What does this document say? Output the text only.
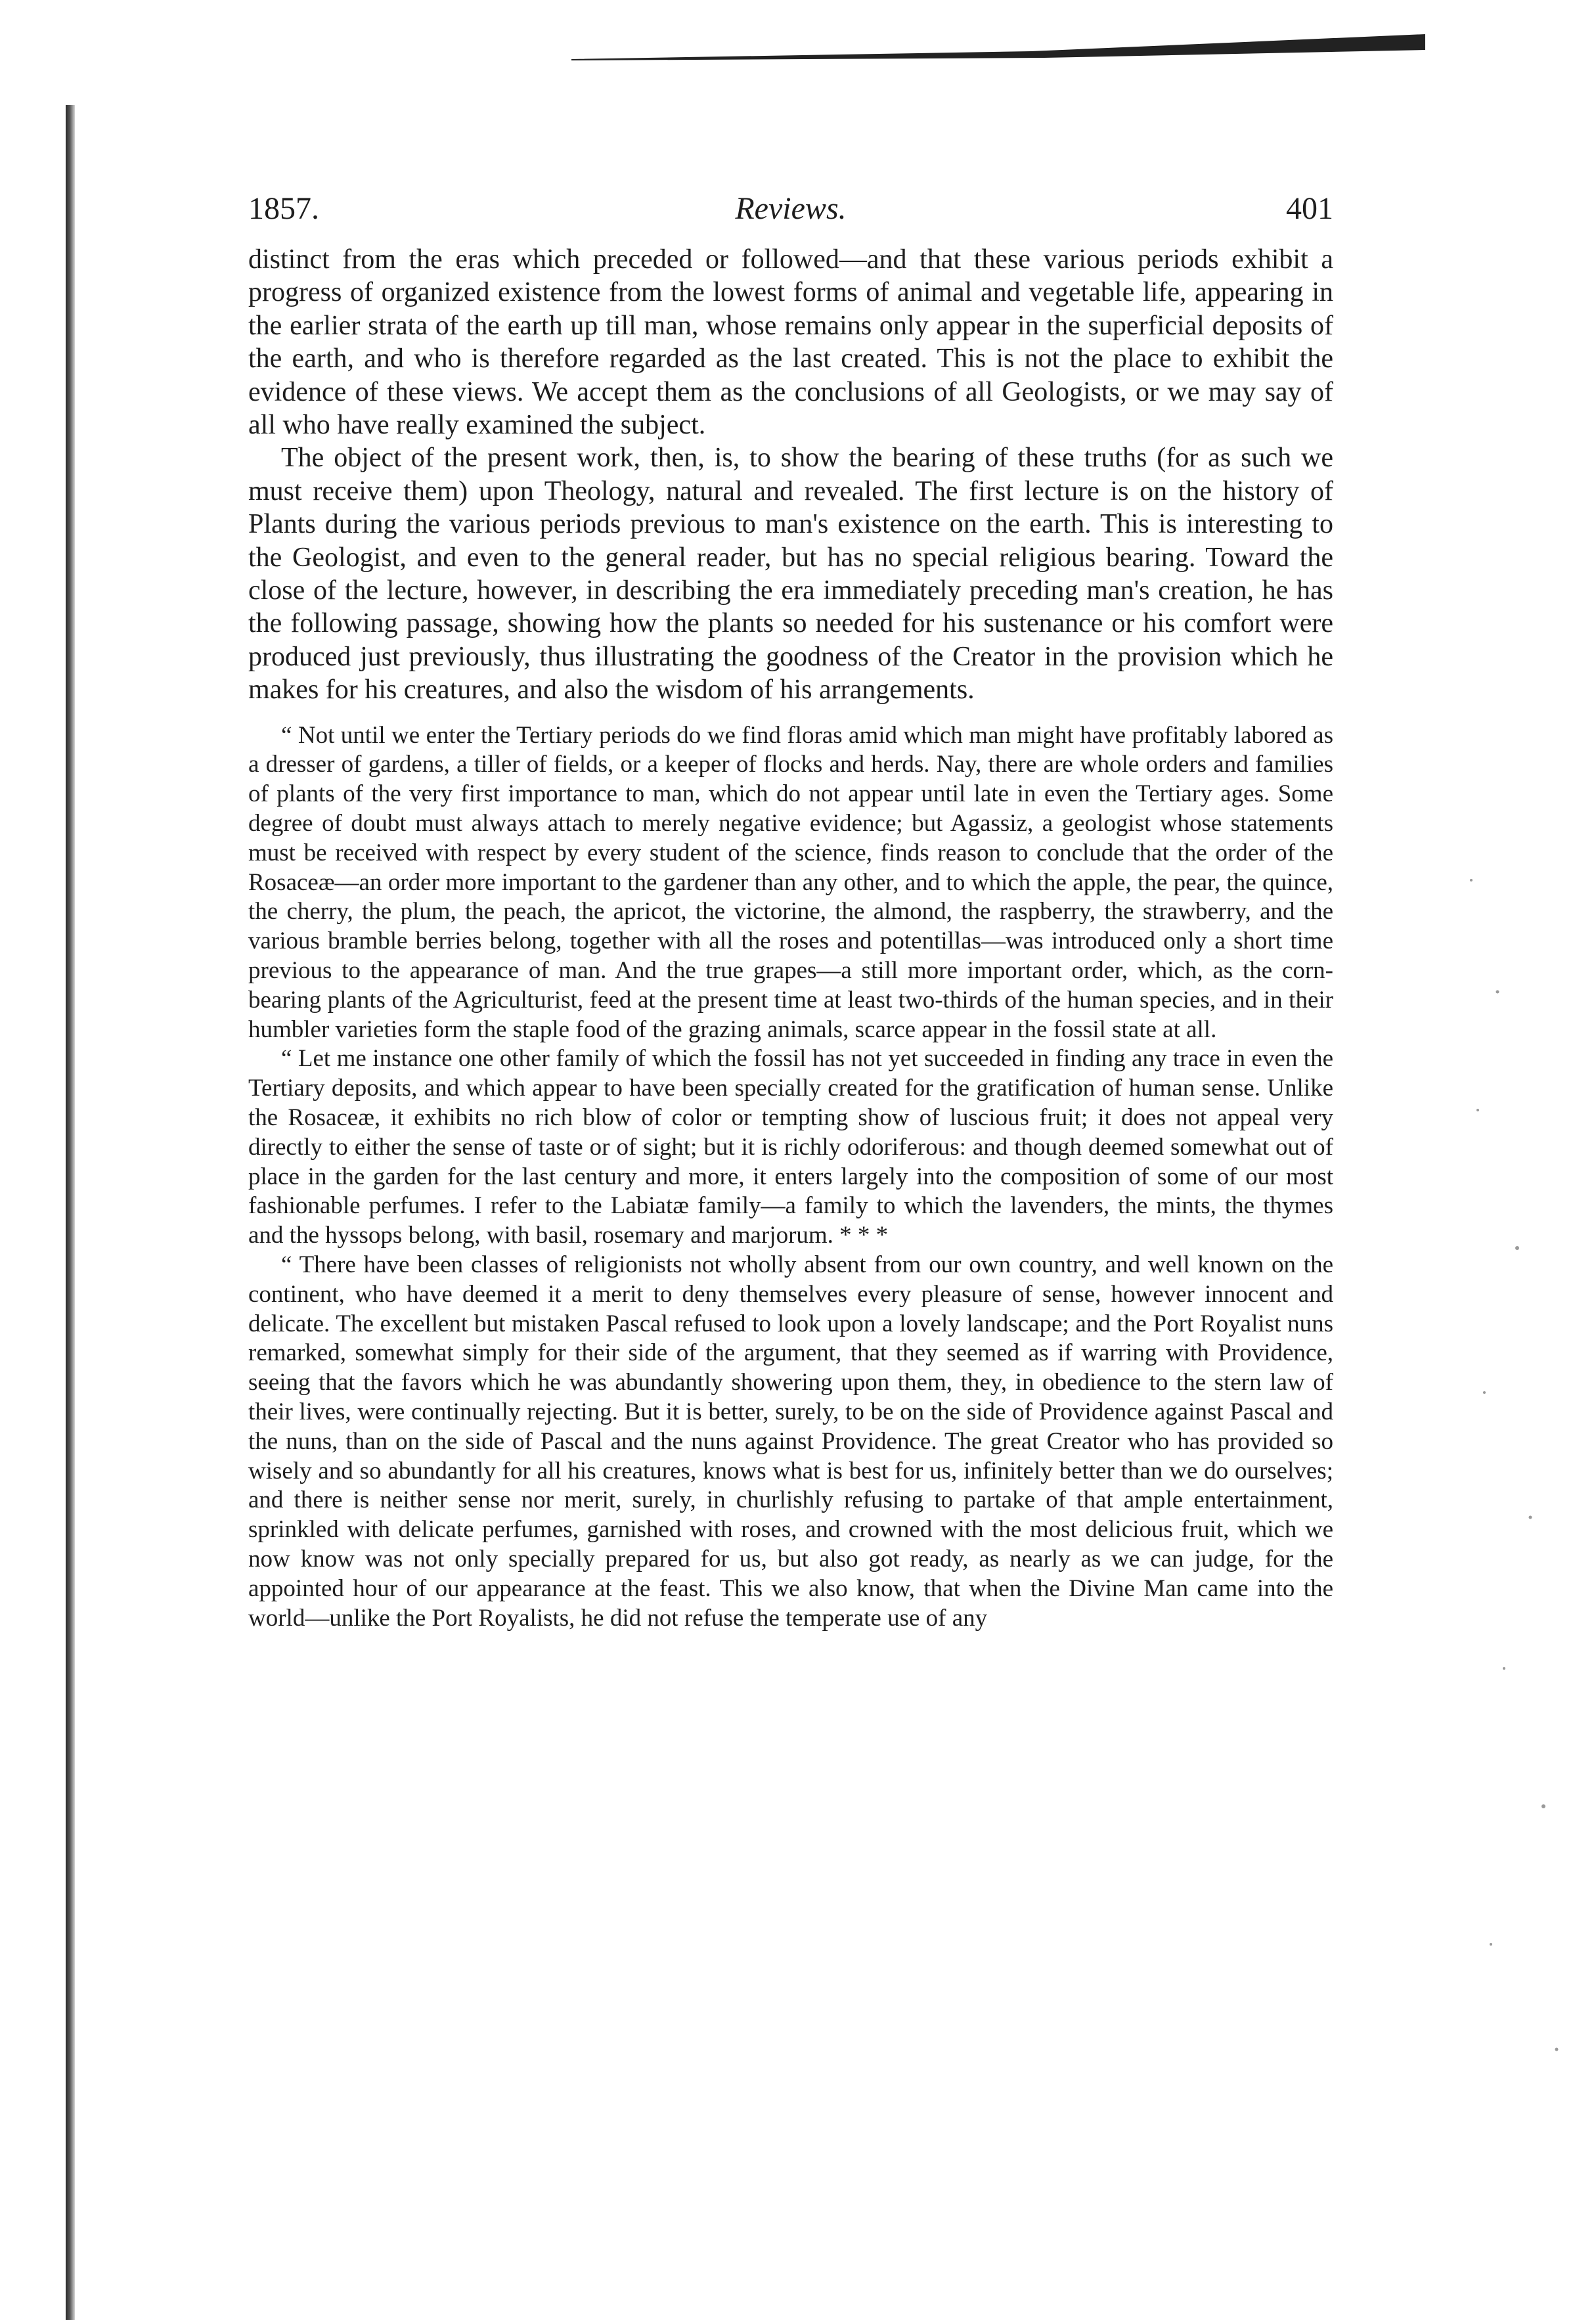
1857.	Reviews.	401

distinct from the eras which preceded or followed—and that these various periods exhibit a progress of organized existence from the lowest forms of animal and vegetable life, appearing in the earlier strata of the earth up till man, whose remains only appear in the superficial deposits of the earth, and who is therefore regarded as the last created. This is not the place to exhibit the evidence of these views. We accept them as the conclusions of all Geologists, or we may say of all who have really examined the subject.

The object of the present work, then, is, to show the bearing of these truths (for as such we must receive them) upon Theology, natural and revealed. The first lecture is on the history of Plants during the various periods previous to man's existence on the earth. This is interesting to the Geologist, and even to the general reader, but has no special religious bearing. Toward the close of the lecture, however, in describing the era immediately preceding man's creation, he has the following passage, showing how the plants so needed for his sustenance or his comfort were produced just previously, thus illustrating the goodness of the Creator in the provision which he makes for his creatures, and also the wisdom of his arrangements.

“ Not until we enter the Tertiary periods do we find floras amid which man might have profitably labored as a dresser of gardens, a tiller of fields, or a keeper of flocks and herds. Nay, there are whole orders and families of plants of the very first importance to man, which do not appear until late in even the Tertiary ages. Some degree of doubt must always attach to merely negative evidence; but Agassiz, a geologist whose statements must be received with respect by every student of the science, finds reason to conclude that the order of the Rosaceæ—an order more important to the gardener than any other, and to which the apple, the pear, the quince, the cherry, the plum, the peach, the apricot, the victorine, the almond, the raspberry, the strawberry, and the various bramble berries belong, together with all the roses and potentillas—was introduced only a short time previous to the appearance of man. And the true grapes—a still more important order, which, as the corn-bearing plants of the Agriculturist, feed at the present time at least two-thirds of the human species, and in their humbler varieties form the staple food of the grazing animals, scarce appear in the fossil state at all.

“ Let me instance one other family of which the fossil has not yet succeeded in finding any trace in even the Tertiary deposits, and which appear to have been specially created for the gratification of human sense. Unlike the Rosaceæ, it exhibits no rich blow of color or tempting show of luscious fruit; it does not appeal very directly to either the sense of taste or of sight; but it is richly odoriferous: and though deemed somewhat out of place in the garden for the last century and more, it enters largely into the composition of some of our most fashionable perfumes. I refer to the Labiatæ family—a family to which the lavenders, the mints, the thymes and the hyssops belong, with basil, rosemary and marjorum. * * *

“ There have been classes of religionists not wholly absent from our own country, and well known on the continent, who have deemed it a merit to deny themselves every pleasure of sense, however innocent and delicate. The excellent but mistaken Pascal refused to look upon a lovely landscape; and the Port Royalist nuns remarked, somewhat simply for their side of the argument, that they seemed as if warring with Providence, seeing that the favors which he was abundantly showering upon them, they, in obedience to the stern law of their lives, were continually rejecting. But it is better, surely, to be on the side of Providence against Pascal and the nuns, than on the side of Pascal and the nuns against Providence. The great Creator who has provided so wisely and so abundantly for all his creatures, knows what is best for us, infinitely better than we do ourselves; and there is neither sense nor merit, surely, in churlishly refusing to partake of that ample entertainment, sprinkled with delicate perfumes, garnished with roses, and crowned with the most delicious fruit, which we now know was not only specially prepared for us, but also got ready, as nearly as we can judge, for the appointed hour of our appearance at the feast. This we also know, that when the Divine Man came into the world—unlike the Port Royalists, he did not refuse the temperate use of any
